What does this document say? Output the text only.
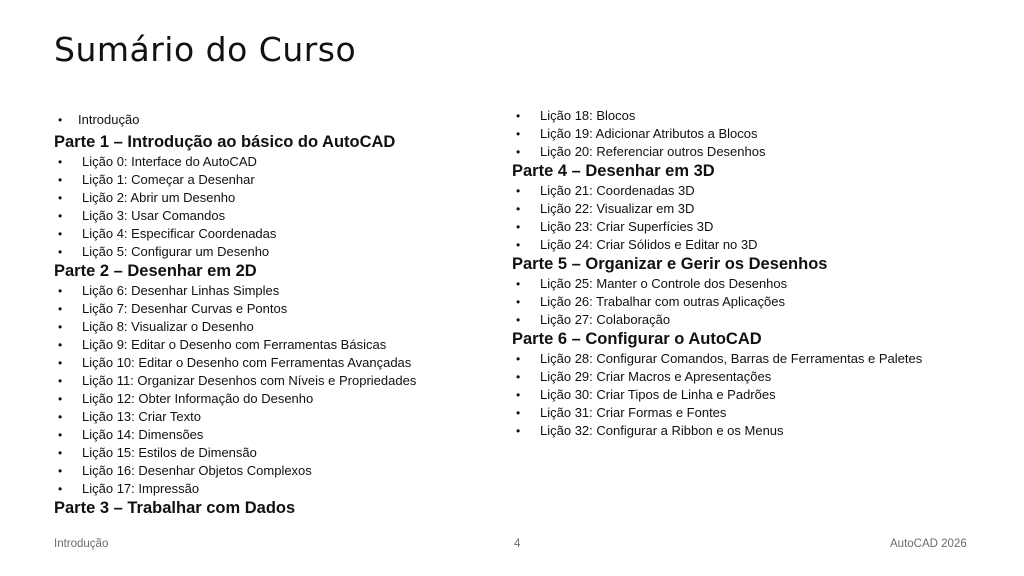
Sumário do Curso
• Introdução
Parte 1 – Introdução ao básico do AutoCAD
• Lição 0: Interface do AutoCAD
• Lição 1: Começar a Desenhar
• Lição 2: Abrir um Desenho
• Lição 3: Usar Comandos
• Lição 4: Especificar Coordenadas
• Lição 5: Configurar um Desenho
Parte 2 – Desenhar em 2D
• Lição 6: Desenhar Linhas Simples
• Lição 7: Desenhar Curvas e Pontos
• Lição 8: Visualizar o Desenho
• Lição 9: Editar o Desenho com Ferramentas Básicas
• Lição 10: Editar o Desenho com Ferramentas Avançadas
• Lição 11: Organizar Desenhos com Níveis e Propriedades
• Lição 12: Obter Informação do Desenho
• Lição 13: Criar Texto
• Lição 14: Dimensões
• Lição 15: Estilos de Dimensão
• Lição 16: Desenhar Objetos Complexos
• Lição 17: Impressão
Parte 3 – Trabalhar com Dados
• Lição 18: Blocos
• Lição 19: Adicionar Atributos a Blocos
• Lição 20: Referenciar outros Desenhos
Parte 4 – Desenhar em 3D
• Lição 21: Coordenadas 3D
• Lição 22: Visualizar em 3D
• Lição 23: Criar Superfícies 3D
• Lição 24: Criar Sólidos e Editar no 3D
Parte 5 – Organizar e Gerir os Desenhos
• Lição 25: Manter o Controle dos Desenhos
• Lição 26: Trabalhar com outras Aplicações
• Lição 27: Colaboração
Parte 6 – Configurar o AutoCAD
• Lição 28: Configurar Comandos, Barras de Ferramentas e Paletes
• Lição 29: Criar Macros e Apresentações
• Lição 30: Criar Tipos de Linha e Padrões
• Lição 31: Criar Formas e Fontes
• Lição 32: Configurar a Ribbon e os Menus
Introdução	4	AutoCAD 2026
